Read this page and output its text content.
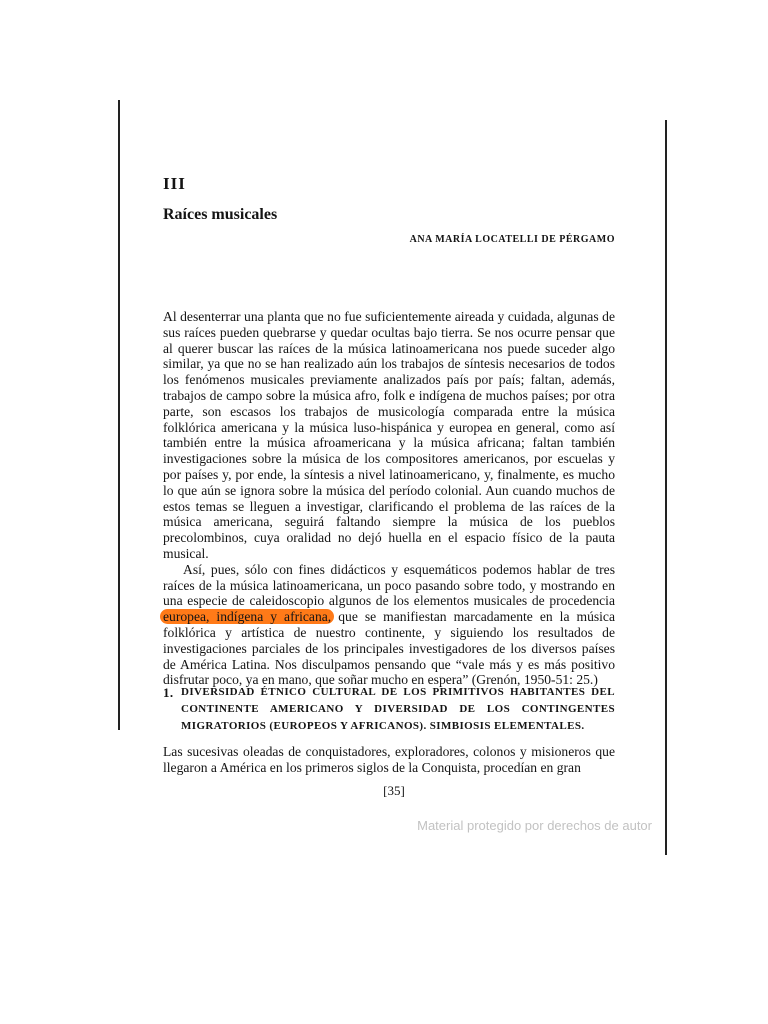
III
Raíces musicales
ANA MARÍA LOCATELLI DE PÉRGAMO

Al desenterrar una planta que no fue suficientemente aireada y cuidada, algunas de sus raíces pueden quebrarse y quedar ocultas bajo tierra. Se nos ocurre pensar que al querer buscar las raíces de la música latinoamericana nos puede suceder algo similar, ya que no se han realizado aún los trabajos de síntesis necesarios de todos los fenómenos musicales previamente analizados país por país; faltan, además, trabajos de campo sobre la música afro, folk e indígena de muchos países; por otra parte, son escasos los trabajos de musicología comparada entre la música folklórica americana y la música luso-hispánica y europea en general, como así también entre la música afroamericana y la música africana; faltan también investigaciones sobre la música de los compositores americanos, por escuelas y por países y, por ende, la síntesis a nivel latinoamericano, y, finalmente, es mucho lo que aún se ignora sobre la música del período colonial. Aun cuando muchos de estos temas se lleguen a investigar, clarificando el problema de las raíces de la música americana, seguirá faltando siempre la música de los pueblos precolombinos, cuya oralidad no dejó huella en el espacio físico de la pauta musical.

Así, pues, sólo con fines didácticos y esquemáticos podemos hablar de tres raíces de la música latinoamericana, un poco pasando sobre todo, y mostrando en una especie de caleidoscopio algunos de los elementos musicales de procedencia europea, indígena y africana, que se manifiestan marcadamente en la música folklórica y artística de nuestro continente, y siguiendo los resultados de investigaciones parciales de los principales investigadores de los diversos países de América Latina. Nos disculpamos pensando que “vale más y es más positivo disfrutar poco, ya en mano, que soñar mucho en espera” (Grenón, 1950-51: 25.)

1. DIVERSIDAD ÉTNICO CULTURAL DE LOS PRIMITIVOS HABITANTES DEL CONTINENTE AMERICANO Y DIVERSIDAD DE LOS CONTINGENTES MIGRATORIOS (EUROPEOS Y AFRICANOS). SIMBIOSIS ELEMENTALES.
Las sucesivas oleadas de conquistadores, exploradores, colonos y misioneros que llegaron a América en los primeros siglos de la Conquista, procedían en gran
[35]
Material protegido por derechos de autor
